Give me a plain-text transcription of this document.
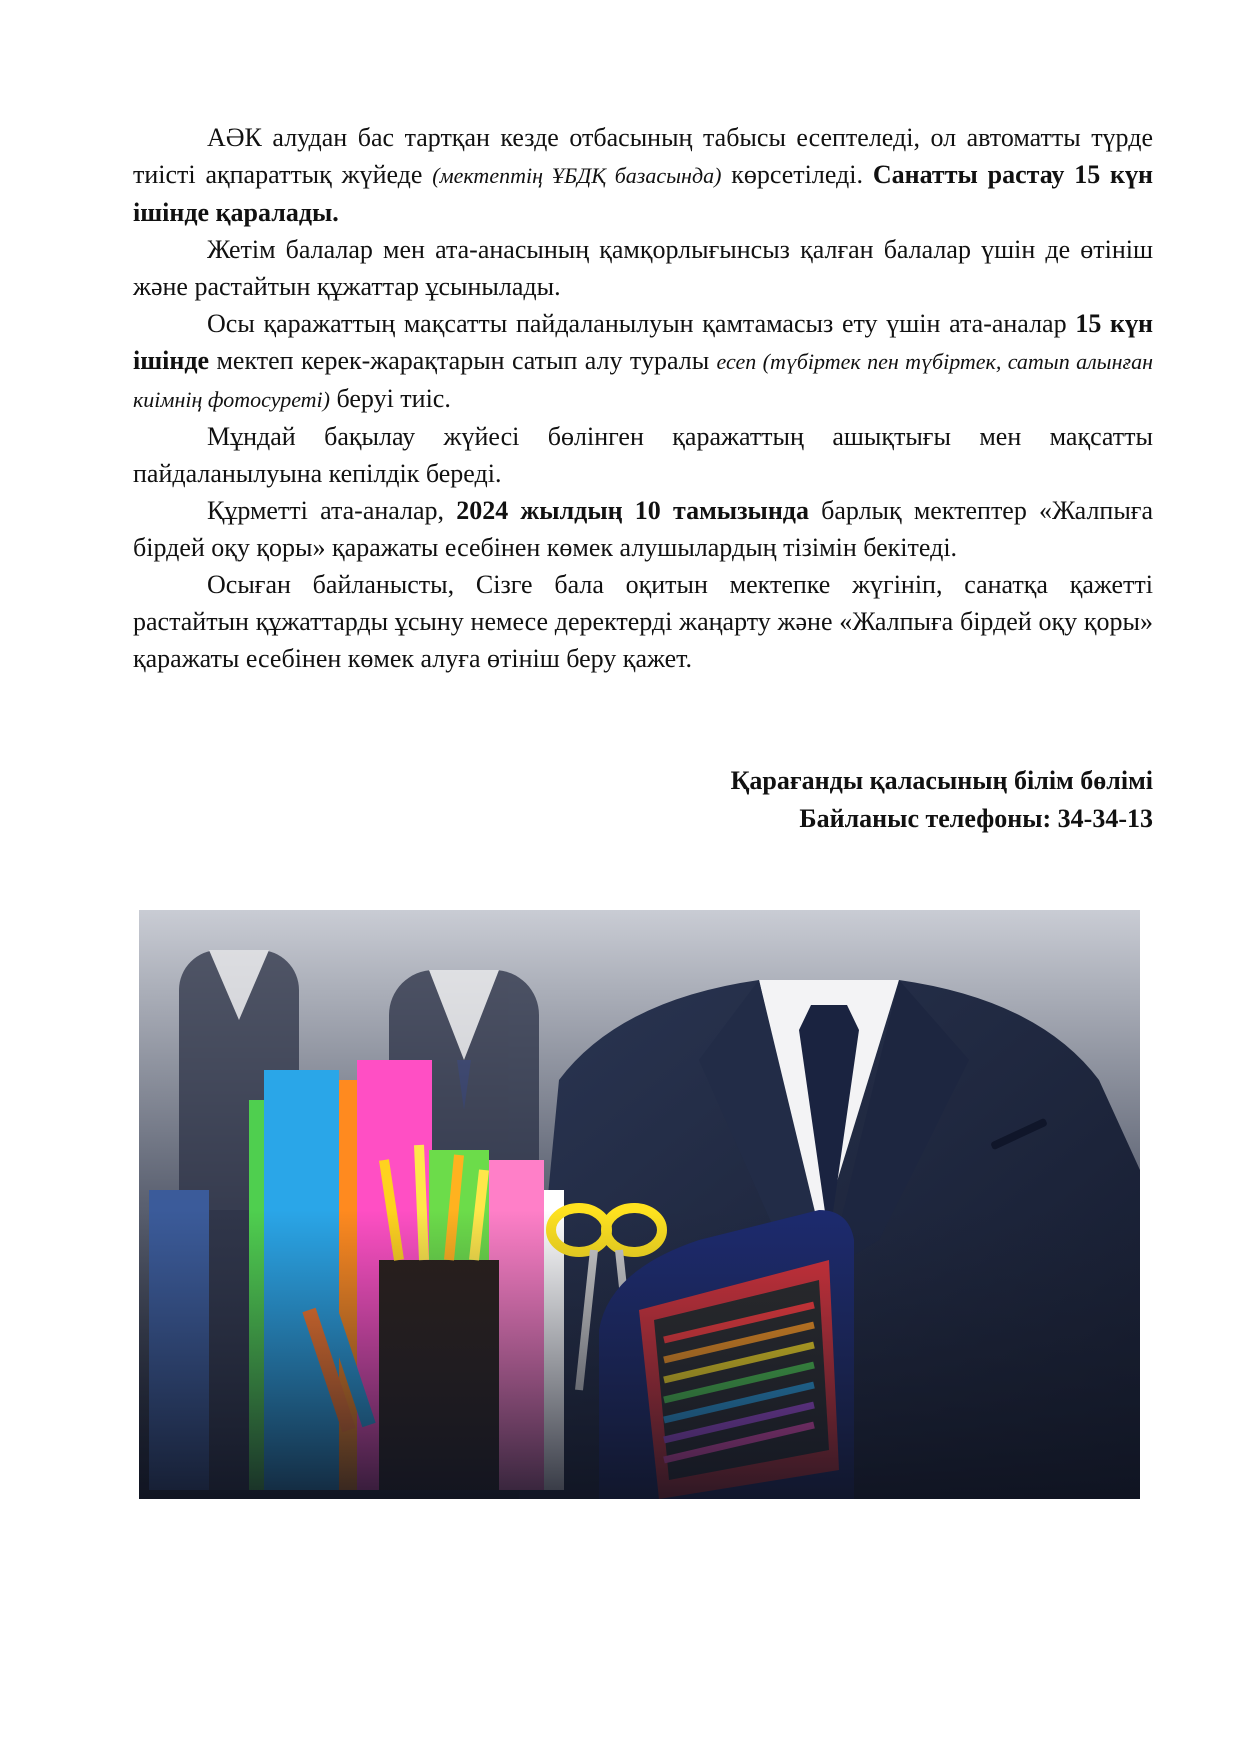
АӘК алудан бас тартқан кезде отбасының табысы есептеледі, ол автоматты түрде тиісті ақпараттық жүйеде (мектептің ҰБДҚ базасында) көрсетіледі. Санатты растау 15 күн ішінде қаралады.

Жетім балалар мен ата-анасының қамқорлығынсыз қалған балалар үшін де өтініш және растайтын құжаттар ұсынылады.

Осы қаражаттың мақсатты пайдаланылуын қамтамасыз ету үшін ата-аналар 15 күн ішінде мектеп керек-жарақтарын сатып алу туралы есеп (түбіртек пен түбіртек, сатып алынған киімнің фотосуреті) беруі тиіс.

Мұндай бақылау жүйесі бөлінген қаражаттың ашықтығы мен мақсатты пайдаланылуына кепілдік береді.

Құрметті ата-аналар, 2024 жылдың 10 тамызында барлық мектептер «Жалпыға бірдей оқу қоры» қаражаты есебінен көмек алушылардың тізімін бекітеді.

Осыған байланысты, Сізге бала оқитын мектепке жүгініп, санатқа қажетті растайтын құжаттарды ұсыну немесе деректерді жаңарту және «Жалпыға бірдей оқу қоры» қаражаты есебінен көмек алуға өтініш беру қажет.

Қарағанды қаласының білім бөлімі
Байланыс телефоны: 34-34-13
